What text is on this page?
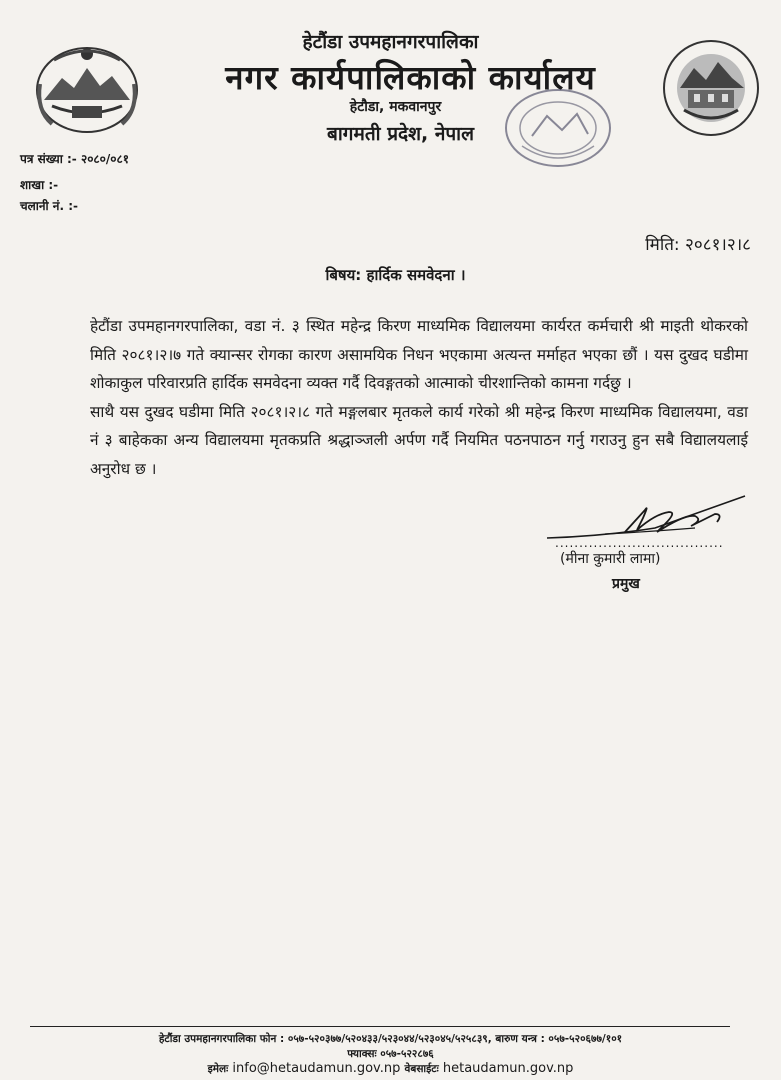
हेटौंडा उपमहानगरपालिका
नगर कार्यपालिकाको कार्यालय
हेटौडा, मकवानपुर
बागमती प्रदेश, नेपाल
पत्र संख्या :- २०८०/०८१
शाखा :-
चलानी नं. :-
मिति: २०८१।२।८
बिषय: हार्दिक समवेदना ।

हेटौंडा उपमहानगरपालिका, वडा नं. ३ स्थित महेन्द्र किरण माध्यमिक विद्यालयमा कार्यरत कर्मचारी श्री माइती थोकरको मिति २०८१।२।७ गते क्यान्सर रोगका कारण असामयिक निधन भएकामा अत्यन्त मर्माहत भएका छौं । यस दुखद घडीमा शोकाकुल परिवारप्रति हार्दिक समवेदना व्यक्त गर्दै दिवङ्गतको आत्माको चीरशान्तिको कामना गर्दछु ।

साथै यस दुखद घडीमा मिति २०८१।२।८ गते मङ्गलबार मृतकले कार्य गरेको श्री महेन्द्र किरण माध्यमिक विद्यालयमा, वडा नं ३ बाहेकका अन्य विद्यालयमा मृतकप्रति श्रद्धाञ्जली अर्पण गर्दै नियमित पठनपाठन गर्नु गराउनु हुन सबै विद्यालयलाई अनुरोध छ ।

...................................
(मीना कुमारी लामा)
प्रमुख
हेटौंडा उपमहानगरपालिका फोन : ०५७-५२०३७७/५२०४३३/५२३०४४/५२३०४५/५२५८३९, बारुण यन्त्र : ०५७-५२०६७७/१०१
फ्याक्सः ०५७-५२२८७६
इमेलः info@hetaudamun.gov.np वेबसाईटः hetaudamun.gov.np
